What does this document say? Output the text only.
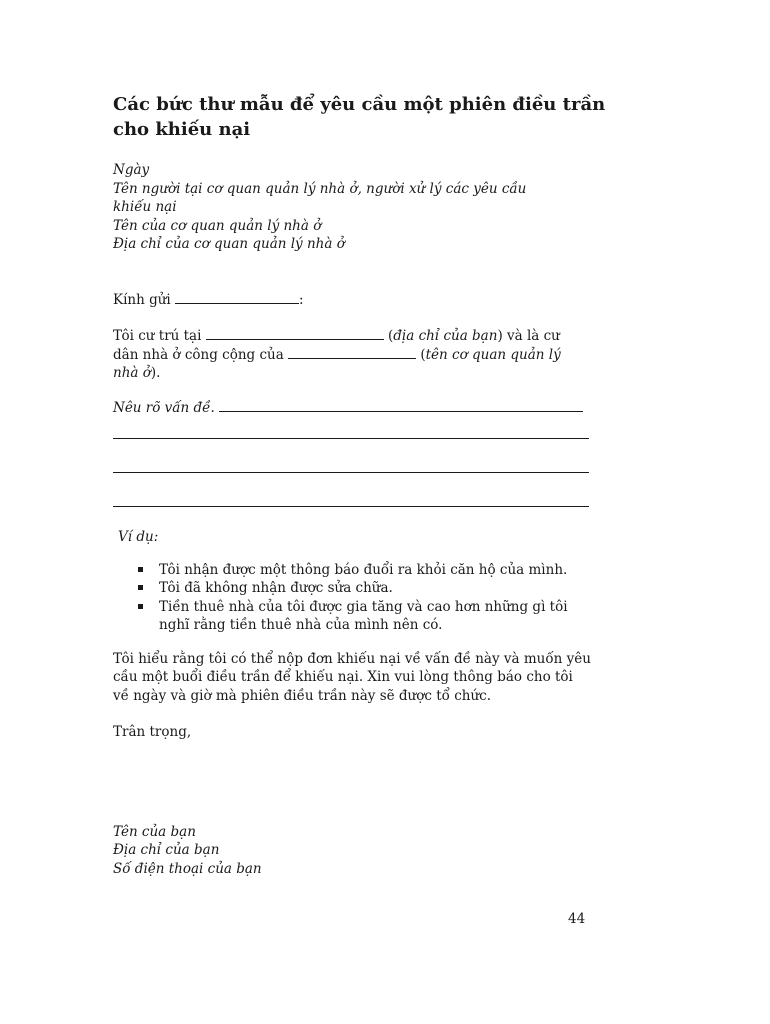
Các bức thư mẫu để yêu cầu một phiên điều trần cho khiếu nại
Ngày
Tên người tại cơ quan quản lý nhà ở, người xử lý các yêu cầu
khiếu nại
Tên của cơ quan quản lý nhà ở
Địa chỉ của cơ quan quản lý nhà ở
Kính gửi	:
Tôi cư trú tại	(địa chỉ của bạn) và là cư
dân nhà ở công cộng của	(tên cơ quan quản lý
nhà ở).
Nêu rõ vấn đề.
Ví dụ:
Tôi nhận được một thông báo đuổi ra khỏi căn hộ của mình.
Tôi đã không nhận được sửa chữa.
Tiền thuê nhà của tôi được gia tăng và cao hơn những gì tôi nghĩ rằng tiền thuê nhà của mình nên có.
Tôi hiểu rằng tôi có thể nộp đơn khiếu nại về vấn đề này và muốn yêu cầu một buổi điều trần để khiếu nại. Xin vui lòng thông báo cho tôi về ngày và giờ mà phiên điều trần này sẽ được tổ chức.
Trân trọng,
Tên của bạn
Địa chỉ của bạn
Số điện thoại của bạn
44
